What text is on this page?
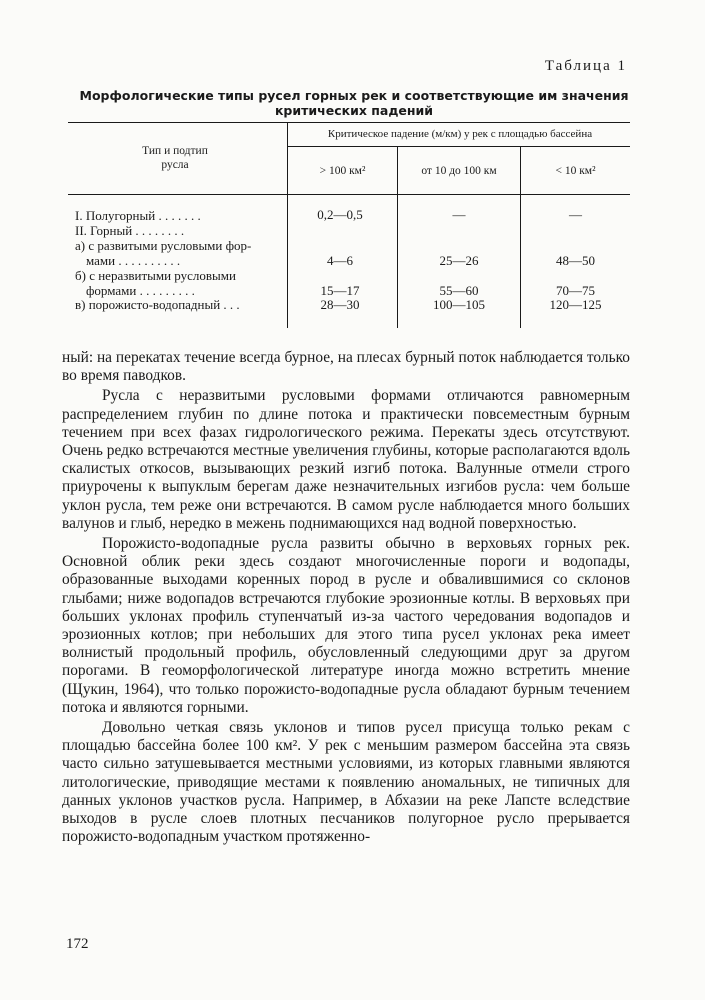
Таблица 1
Морфологические типы русел горных рек и соответствующие им значения
критических падений
Тип и подтип
русла
Критическое падение (м/км) у рек с площадью бассейна
> 100 км²	от 10 до 100 км	< 10 км²
I. Полугорный . . . . . . .	0,2—0,5	—	—
II. Горный . . . . . . . .
а) с развитыми русловыми фор-
мами . . . . . . . . . .	4—6	25—26	48—50
б) с неразвитыми русловыми
формами . . . . . . . . .	15—17	55—60	70—75
в) порожисто-водопадный . . .	28—30	100—105	120—125

ный: на перекатах течение всегда бурное, на плесах бурный поток наблюдается только во время паводков.

Русла с неразвитыми русловыми формами отличаются равномерным распределением глубин по длине потока и практически повсеместным бурным течением при всех фазах гидрологического режима. Перекаты здесь отсутствуют. Очень редко встречаются местные увеличения глубины, которые располагаются вдоль скалистых откосов, вызывающих резкий изгиб потока. Валунные отмели строго приурочены к выпуклым берегам даже незначительных изгибов русла: чем больше уклон русла, тем реже они встречаются. В самом русле наблюдается много больших валунов и глыб, нередко в межень поднимающихся над водной поверхностью.

Порожисто-водопадные русла развиты обычно в верховьях горных рек. Основной облик реки здесь создают многочисленные пороги и водопады, образованные выходами коренных пород в русле и обвалившимися со склонов глыбами; ниже водопадов встречаются глубокие эрозионные котлы. В верховьях при больших уклонах профиль ступенчатый из-за частого чередования водопадов и эрозионных котлов; при небольших для этого типа русел уклонах река имеет волнистый продольный профиль, обусловленный следующими друг за другом порогами. В геоморфологической литературе иногда можно встретить мнение (Щукин, 1964), что только порожисто-водопадные русла обладают бурным течением потока и являются горными.

Довольно четкая связь уклонов и типов русел присуща только рекам с площадью бассейна более 100 км². У рек с меньшим размером бассейна эта связь часто сильно затушевывается местными условиями, из которых главными являются литологические, приводящие местами к появлению аномальных, не типичных для данных уклонов участков русла. Например, в Абхазии на реке Лапсте вследствие выходов в русле слоев плотных песчаников полугорное русло прерывается порожисто-водопадным участком протяженно-

172
